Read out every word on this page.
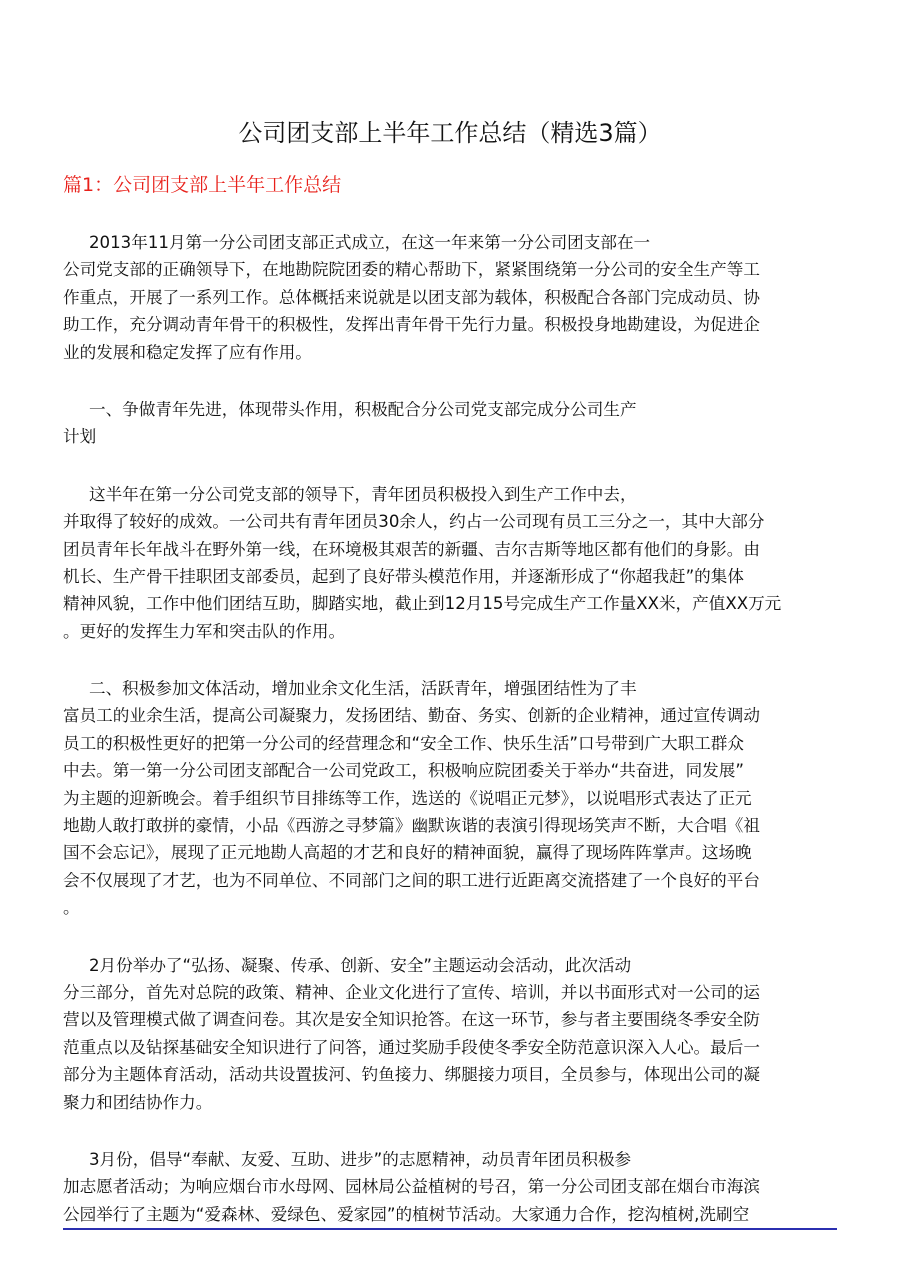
公司团支部上半年工作总结（精选3篇）
篇1：公司团支部上半年工作总结
2013年11月第一分公司团支部正式成立，在这一年来第一分公司团支部在一
公司党支部的正确领导下，在地勘院院团委的精心帮助下，紧紧围绕第一分公司的安全生产等工
作重点，开展了一系列工作。总体概括来说就是以团支部为载体，积极配合各部门完成动员、协
助工作，充分调动青年骨干的积极性，发挥出青年骨干先行力量。积极投身地勘建设，为促进企
业的发展和稳定发挥了应有作用。
一、争做青年先进，体现带头作用，积极配合分公司党支部完成分公司生产
计划
这半年在第一分公司党支部的领导下，青年团员积极投入到生产工作中去，
并取得了较好的成效。一公司共有青年团员30余人，约占一公司现有员工三分之一，其中大部分
团员青年长年战斗在野外第一线，在环境极其艰苦的新疆、吉尔吉斯等地区都有他们的身影。由
机长、生产骨干挂职团支部委员，起到了良好带头模范作用，并逐渐形成了“你超我赶”的集体
精神风貌，工作中他们团结互助，脚踏实地，截止到12月15号完成生产工作量XX米，产值XX万元
。更好的发挥生力军和突击队的作用。
二、积极参加文体活动，增加业余文化生活，活跃青年，增强团结性为了丰
富员工的业余生活，提高公司凝聚力，发扬团结、勤奋、务实、创新的企业精神，通过宣传调动
员工的积极性更好的把第一分公司的经营理念和“安全工作、快乐生活”口号带到广大职工群众
中去。第一第一分公司团支部配合一公司党政工，积极响应院团委关于举办“共奋进，同发展”
为主题的迎新晚会。着手组织节目排练等工作，选送的《说唱正元梦》，以说唱形式表达了正元
地勘人敢打敢拼的豪情，小品《西游之寻梦篇》幽默诙谐的表演引得现场笑声不断，大合唱《祖
国不会忘记》，展现了正元地勘人高超的才艺和良好的精神面貌，赢得了现场阵阵掌声。这场晚
会不仅展现了才艺，也为不同单位、不同部门之间的职工进行近距离交流搭建了一个良好的平台
。
2月份举办了“弘扬、凝聚、传承、创新、安全”主题运动会活动，此次活动
分三部分，首先对总院的政策、精神、企业文化进行了宣传、培训，并以书面形式对一公司的运
营以及管理模式做了调查问卷。其次是安全知识抢答。在这一环节，参与者主要围绕冬季安全防
范重点以及钻探基础安全知识进行了问答，通过奖励手段使冬季安全防范意识深入人心。最后一
部分为主题体育活动，活动共设置拔河、钓鱼接力、绑腿接力项目，全员参与，体现出公司的凝
聚力和团结协作力。
3月份，倡导“奉献、友爱、互助、进步”的志愿精神，动员青年团员积极参
加志愿者活动；为响应烟台市水母网、园林局公益植树的号召，第一分公司团支部在烟台市海滨
公园举行了主题为“爱森林、爱绿色、爱家园”的植树节活动。大家通力合作，挖沟植树,洗刷空
